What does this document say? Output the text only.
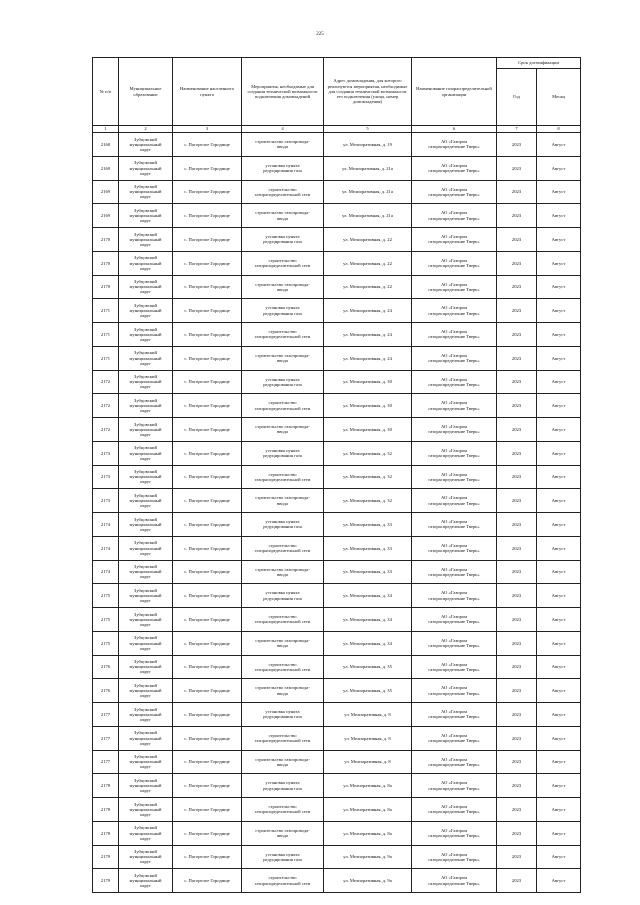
225
№ п/п	Муниципальное образование	Наименование населенного пункта	Мероприятия, необходимые для создания технической возможности подключения домовладений	Адрес домовладения, для которого реализуются мероприятия, необходимые для создания технической возможности его подключения (улица, номер домовладения)	Наименование газораспределительной организации	Срок догазификации	
						Год	Месяц
1	2	3	4	5	6	7	8
2168	Зубцовский
муниципальный
округ	с. Погорелое Городище	строительство газопровода-
ввода	ул. Мелиоративная, д. 19	АО «Газпром
газораспределение Тверь»	2023	Август
2169	Зубцовский
муниципальный
округ	с. Погорелое Городище	установка пункта
редуцирования газа	ул. Мелиоративная, д. 21а	АО «Газпром
газораспределение Тверь»	2023	Август
2169	Зубцовский
муниципальный
округ	с. Погорелое Городище	строительство
газораспределительной сети	ул. Мелиоративная, д. 21а	АО «Газпром
газораспределение Тверь»	2023	Август
2169	Зубцовский
муниципальный
округ	с. Погорелое Городище	строительство газопровода-
ввода	ул. Мелиоративная, д. 21а	АО «Газпром
газораспределение Тверь»	2023	Август
2170	Зубцовский
муниципальный
округ	с. Погорелое Городище	установка пункта
редуцирования газа	ул. Мелиоративная, д. 22	АО «Газпром
газораспределение Тверь»	2023	Август
2170	Зубцовский
муниципальный
округ	с. Погорелое Городище	строительство
газораспределительной сети	ул. Мелиоративная, д. 22	АО «Газпром
газораспределение Тверь»	2023	Август
2170	Зубцовский
муниципальный
округ	с. Погорелое Городище	строительство газопровода-
ввода	ул. Мелиоративная, д. 22	АО «Газпром
газораспределение Тверь»	2023	Август
2171	Зубцовский
муниципальный
округ	с. Погорелое Городище	установка пункта
редуцирования газа	ул. Мелиоративная, д. 24	АО «Газпром
газораспределение Тверь»	2023	Август
2171	Зубцовский
муниципальный
округ	с. Погорелое Городище	строительство
газораспределительной сети	ул. Мелиоративная, д. 24	АО «Газпром
газораспределение Тверь»	2023	Август
2171	Зубцовский
муниципальный
округ	с. Погорелое Городище	строительство газопровода-
ввода	ул. Мелиоративная, д. 24	АО «Газпром
газораспределение Тверь»	2023	Август
2172	Зубцовский
муниципальный
округ	с. Погорелое Городище	установка пункта
редуцирования газа	ул. Мелиоративная, д. 30	АО «Газпром
газораспределение Тверь»	2023	Август
2172	Зубцовский
муниципальный
округ	с. Погорелое Городище	строительство
газораспределительной сети	ул. Мелиоративная, д. 30	АО «Газпром
газораспределение Тверь»	2023	Август
2172	Зубцовский
муниципальный
округ	с. Погорелое Городище	строительство газопровода-
ввода	ул. Мелиоративная, д. 30	АО «Газпром
газораспределение Тверь»	2023	Август
2173	Зубцовский
муниципальный
округ	с. Погорелое Городище	установка пункта
редуцирования газа	ул. Мелиоративная, д. 32	АО «Газпром
газораспределение Тверь»	2023	Август
2173	Зубцовский
муниципальный
округ	с. Погорелое Городище	строительство
газораспределительной сети	ул. Мелиоративная, д. 32	АО «Газпром
газораспределение Тверь»	2023	Август
2173	Зубцовский
муниципальный
округ	с. Погорелое Городище	строительство газопровода-
ввода	ул. Мелиоративная, д. 32	АО «Газпром
газораспределение Тверь»	2023	Август
2174	Зубцовский
муниципальный
округ	с. Погорелое Городище	установка пункта
редуцирования газа	ул. Мелиоративная, д. 33	АО «Газпром
газораспределение Тверь»	2023	Август
2174	Зубцовский
муниципальный
округ	с. Погорелое Городище	строительство
газораспределительной сети	ул. Мелиоративная, д. 33	АО «Газпром
газораспределение Тверь»	2023	Август
2174	Зубцовский
муниципальный
округ	с. Погорелое Городище	строительство газопровода-
ввода	ул. Мелиоративная, д. 33	АО «Газпром
газораспределение Тверь»	2023	Август
2175	Зубцовский
муниципальный
округ	с. Погорелое Городище	установка пункта
редуцирования газа	ул. Мелиоративная, д. 34	АО «Газпром
газораспределение Тверь»	2023	Август
2175	Зубцовский
муниципальный
округ	с. Погорелое Городище	строительство
газораспределительной сети	ул. Мелиоративная, д. 34	АО «Газпром
газораспределение Тверь»	2023	Август
2175	Зубцовский
муниципальный
округ	с. Погорелое Городище	строительство газопровода-
ввода	ул. Мелиоративная, д. 34	АО «Газпром
газораспределение Тверь»	2023	Август
2176	Зубцовский
муниципальный
округ	с. Погорелое Городище	строительство
газораспределительной сети	ул. Мелиоративная, д. 35	АО «Газпром
газораспределение Тверь»	2023	Август
2176	Зубцовский
муниципальный
округ	с. Погорелое Городище	строительство газопровода-
ввода	ул. Мелиоративная, д. 35	АО «Газпром
газораспределение Тверь»	2023	Август
2177	Зубцовский
муниципальный
округ	с. Погорелое Городище	установка пункта
редуцирования газа	ул. Мелиоративная, д. 8	АО «Газпром
газораспределение Тверь»	2023	Август
2177	Зубцовский
муниципальный
округ	с. Погорелое Городище	строительство
газораспределительной сети	ул. Мелиоративная, д. 8	АО «Газпром
газораспределение Тверь»	2023	Август
2177	Зубцовский
муниципальный
округ	с. Погорелое Городище	строительство газопровода-
ввода	ул. Мелиоративная, д. 8	АО «Газпром
газораспределение Тверь»	2023	Август
2178	Зубцовский
муниципальный
округ	с. Погорелое Городище	установка пункта
редуцирования газа	ул. Мелиоративная, д. 8а	АО «Газпром
газораспределение Тверь»	2023	Август
2178	Зубцовский
муниципальный
округ	с. Погорелое Городище	строительство
газораспределительной сети	ул. Мелиоративная, д. 8а	АО «Газпром
газораспределение Тверь»	2023	Август
2178	Зубцовский
муниципальный
округ	с. Погорелое Городище	строительство газопровода-
ввода	ул. Мелиоративная, д. 8а	АО «Газпром
газораспределение Тверь»	2023	Август
2179	Зубцовский
муниципальный
округ	с. Погорелое Городище	установка пункта
редуцирования газа	ул. Мелиоративная, д. 9а	АО «Газпром
газораспределение Тверь»	2023	Август
2179	Зубцовский
муниципальный
округ	с. Погорелое Городище	строительство
газораспределительной сети	ул. Мелиоративная, д. 9а	АО «Газпром
газораспределение Тверь»	2023	Август
